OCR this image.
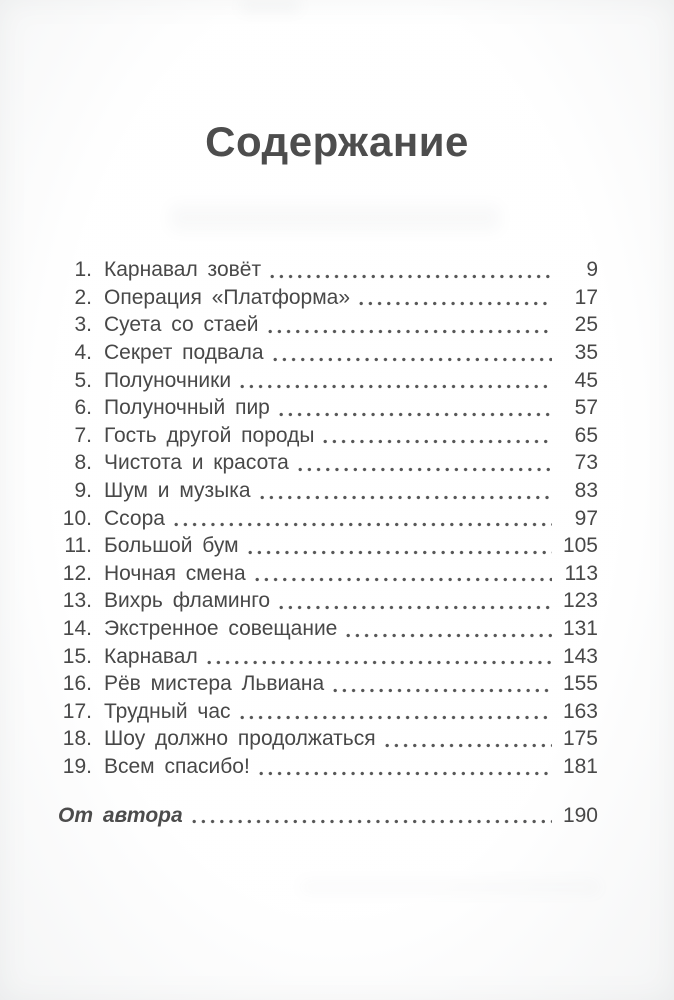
Содержание
1. Карнавал зовёт	9
2. Операция «Платформа»	17
3. Суета со стаей	25
4. Секрет подвала	35
5. Полуночники	45
6. Полуночный пир	57
7. Гость другой породы	65
8. Чистота и красота	73
9. Шум и музыка	83
10. Ссора	97
11. Большой бум	105
12. Ночная смена	113
13. Вихрь фламинго	123
14. Экстренное совещание	131
15. Карнавал	143
16. Рёв мистера Львиана	155
17. Трудный час	163
18. Шоу должно продолжаться	175
19. Всем спасибо!	181
От автора	190
